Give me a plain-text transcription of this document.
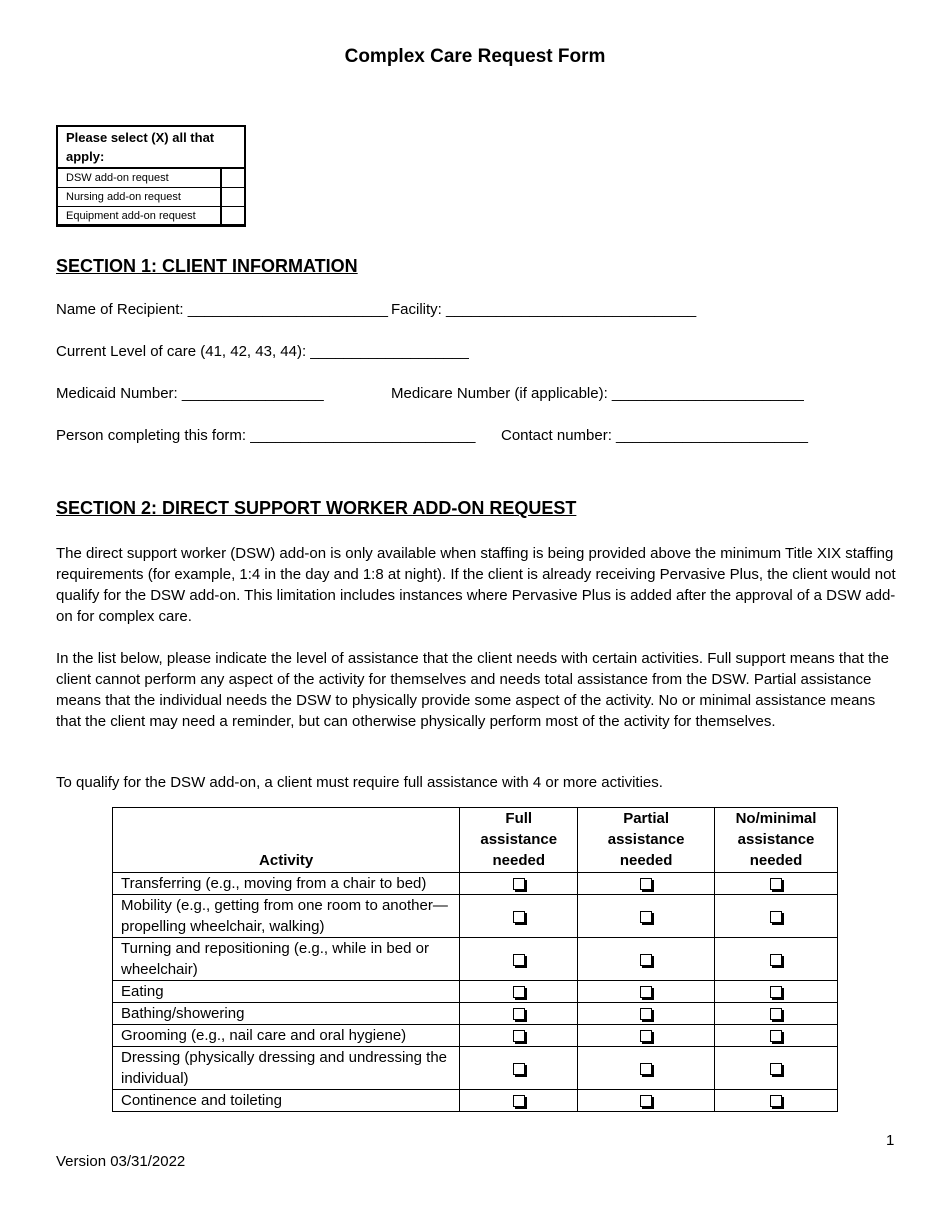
Complex Care Request Form
Please select (X) all that apply:
DSW add-on request
Nursing add-on request
Equipment add-on request
SECTION 1: CLIENT INFORMATION
Name of Recipient: ________________________ Facility: ______________________________
Current Level of care (41, 42, 43, 44): ___________________
Medicaid Number: _________________	Medicare Number (if applicable): _______________________
Person completing this form: ___________________________ Contact number: _______________________
SECTION 2: DIRECT SUPPORT WORKER ADD-ON REQUEST
The direct support worker (DSW) add-on is only available when staffing is being provided above the minimum Title XIX staffing requirements (for example, 1:4 in the day and 1:8 at night). If the client is already receiving Pervasive Plus, the client would not qualify for the DSW add-on. This limitation includes instances where Pervasive Plus is added after the approval of a DSW add-on for complex care.
In the list below, please indicate the level of assistance that the client needs with certain activities. Full support means that the client cannot perform any aspect of the activity for themselves and needs total assistance from the DSW. Partial assistance means that the individual needs the DSW to physically provide some aspect of the activity. No or minimal assistance means that the client may need a reminder, but can otherwise physically perform most of the activity for themselves.
To qualify for the DSW add-on, a client must require full assistance with 4 or more activities.
Activity	Full assistance needed	Partial assistance needed	No/minimal assistance needed
Transferring (e.g., moving from a chair to bed)			
Mobility (e.g., getting from one room to another—propelling wheelchair, walking)			
Turning and repositioning (e.g., while in bed or wheelchair)			
Eating			
Bathing/showering			
Grooming (e.g., nail care and oral hygiene)			
Dressing (physically dressing and undressing the individual)			
Continence and toileting			
1
Version 03/31/2022
